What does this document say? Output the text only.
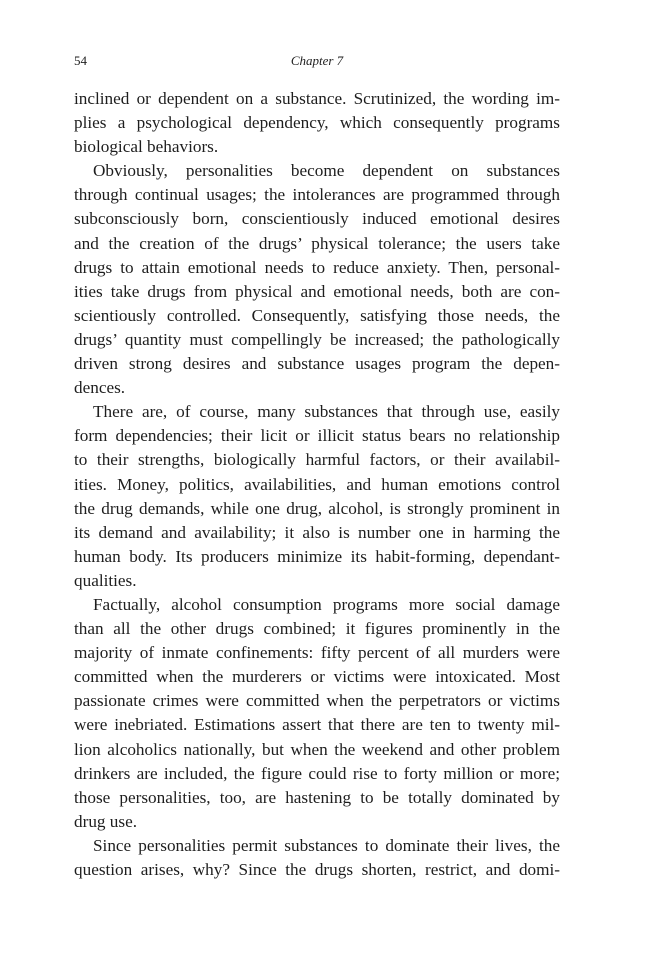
54	Chapter 7

inclined or dependent on a substance. Scrutinized, the wording im-
plies a psychological dependency, which consequently programs
biological behaviors.

Obviously, personalities become dependent on substances
through continual usages; the intolerances are programmed through
subconsciously born, conscientiously induced emotional desires
and the creation of the drugs’ physical tolerance; the users take
drugs to attain emotional needs to reduce anxiety. Then, personal-
ities take drugs from physical and emotional needs, both are con-
scientiously controlled. Consequently, satisfying those needs, the
drugs’ quantity must compellingly be increased; the pathologically
driven strong desires and substance usages program the depen-
dences.

There are, of course, many substances that through use, easily
form dependencies; their licit or illicit status bears no relationship
to their strengths, biologically harmful factors, or their availabil-
ities. Money, politics, availabilities, and human emotions control
the drug demands, while one drug, alcohol, is strongly prominent in
its demand and availability; it also is number one in harming the
human body. Its producers minimize its habit-forming, dependant-
qualities.

Factually, alcohol consumption programs more social damage
than all the other drugs combined; it figures prominently in the
majority of inmate confinements: fifty percent of all murders were
committed when the murderers or victims were intoxicated. Most
passionate crimes were committed when the perpetrators or victims
were inebriated. Estimations assert that there are ten to twenty mil-
lion alcoholics nationally, but when the weekend and other problem
drinkers are included, the figure could rise to forty million or more;
those personalities, too, are hastening to be totally dominated by
drug use.

Since personalities permit substances to dominate their lives, the
question arises, why? Since the drugs shorten, restrict, and domi-
